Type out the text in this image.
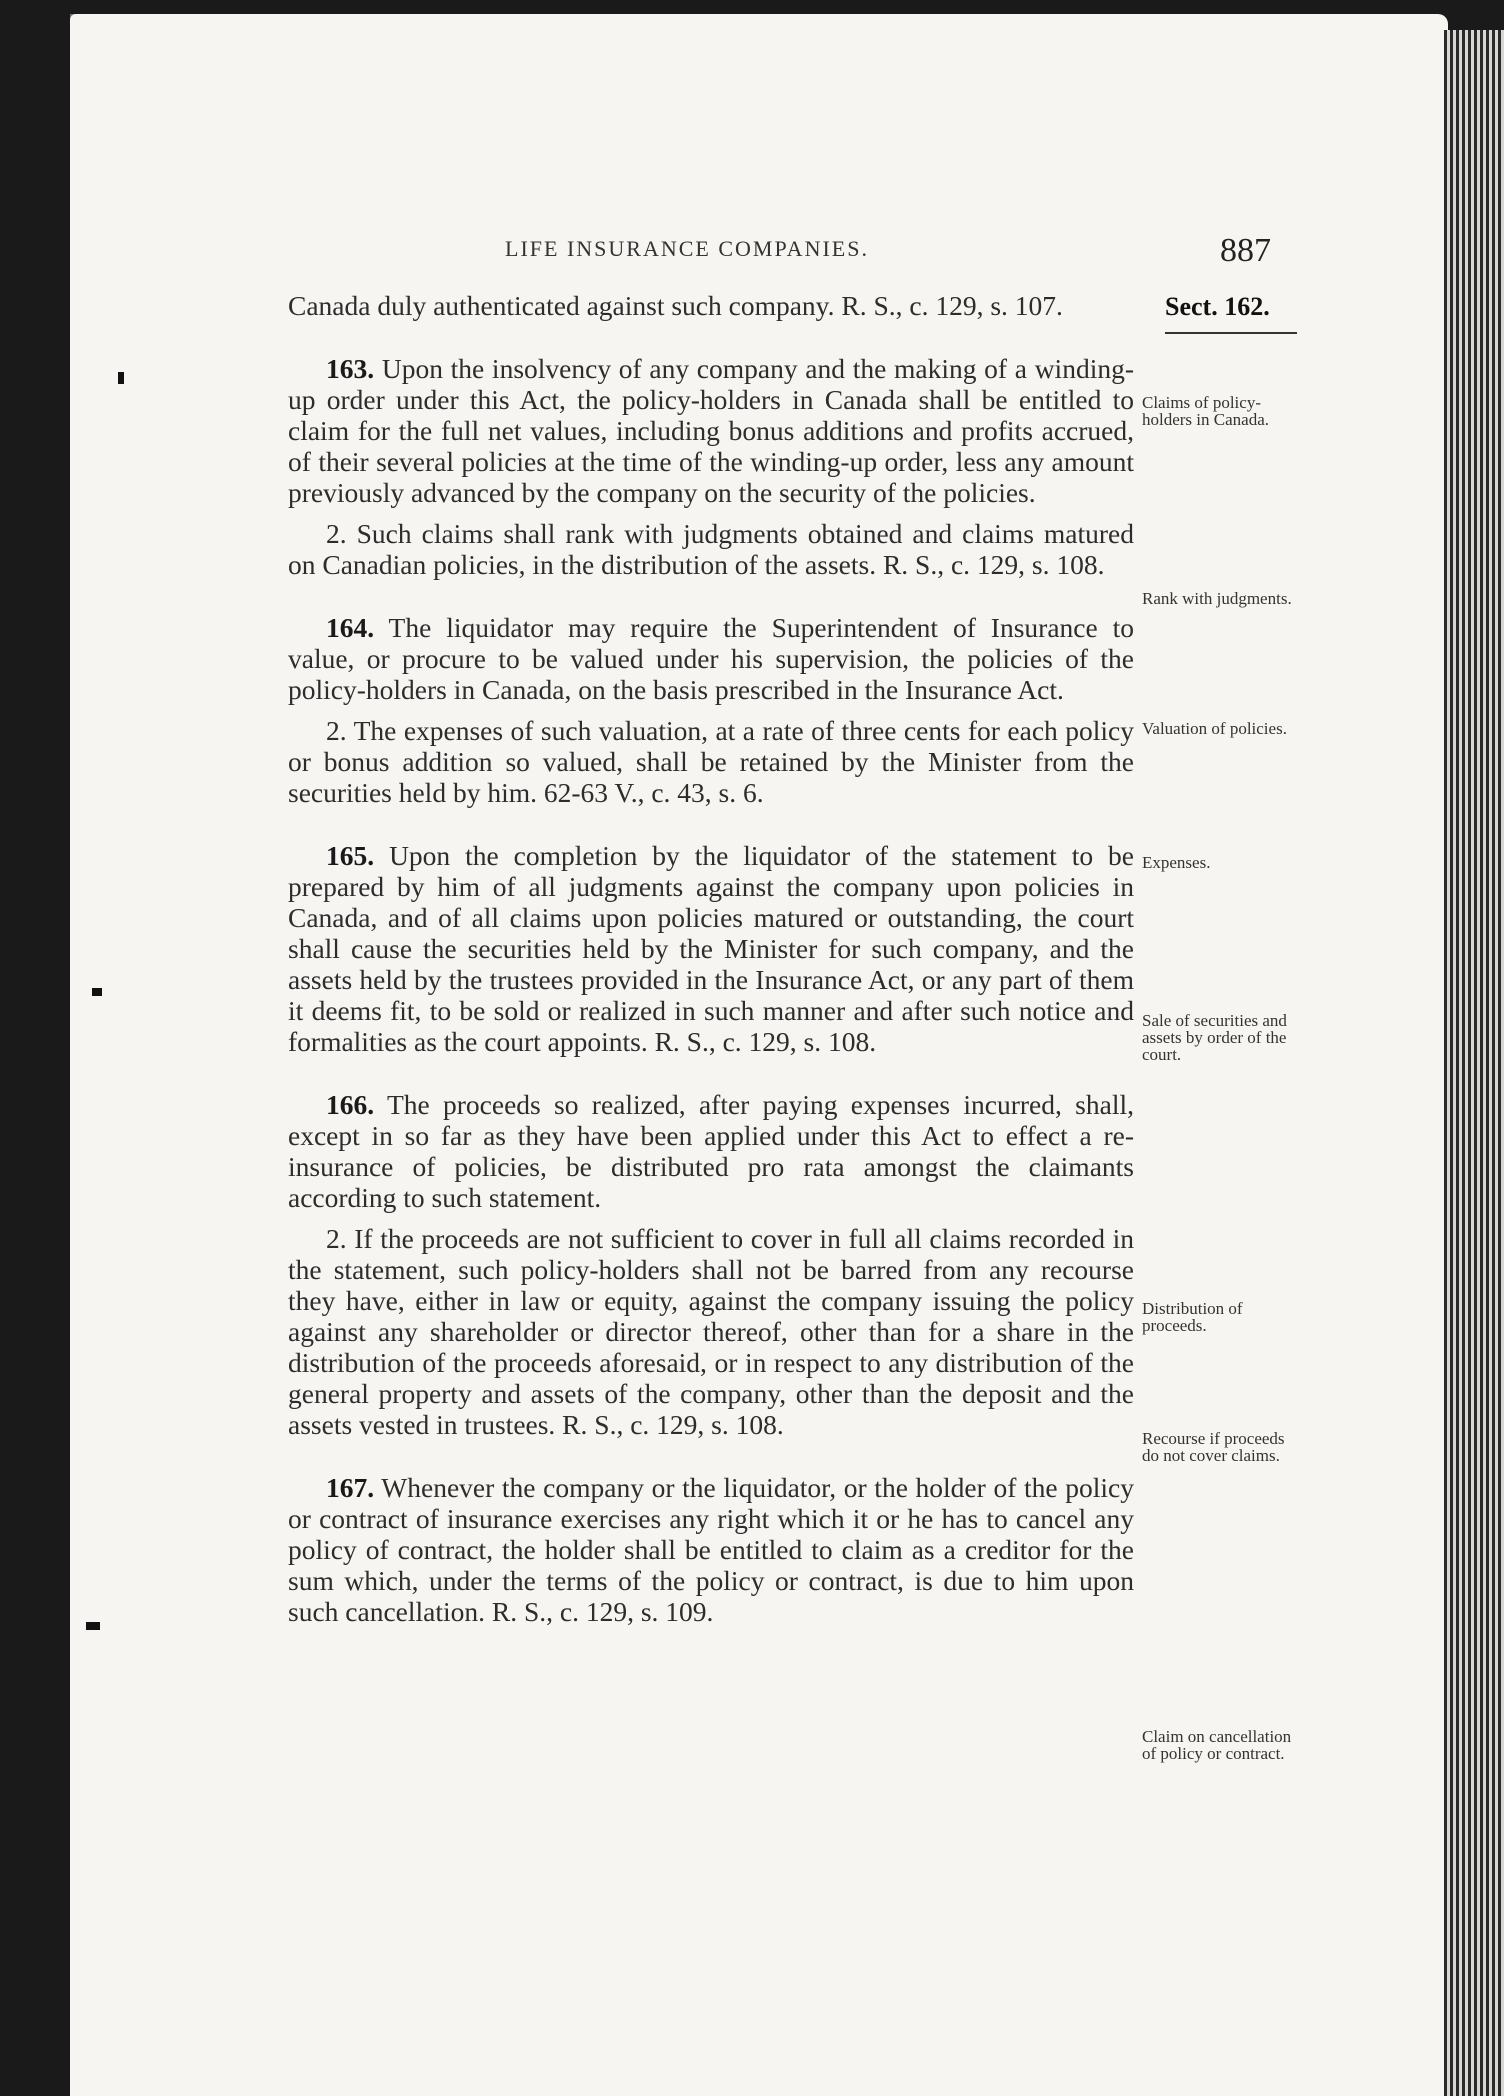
LIFE INSURANCE COMPANIES.	887
Sect. 162.

Canada duly authenticated against such company. R. S., c. 129, s. 107.

163. Upon the insolvency of any company and the making of a winding-up order under this Act, the policy-holders in Canada shall be entitled to claim for the full net values, including bonus additions and profits accrued, of their several policies at the time of the winding-up order, less any amount previously advanced by the company on the security of the policies.

2. Such claims shall rank with judgments obtained and claims matured on Canadian policies, in the distribution of the assets. R. S., c. 129, s. 108.

164. The liquidator may require the Superintendent of Insurance to value, or procure to be valued under his supervision, the policies of the policy-holders in Canada, on the basis prescribed in the Insurance Act.

2. The expenses of such valuation, at a rate of three cents for each policy or bonus addition so valued, shall be retained by the Minister from the securities held by him. 62-63 V., c. 43, s. 6.

165. Upon the completion by the liquidator of the statement to be prepared by him of all judgments against the company upon policies in Canada, and of all claims upon policies matured or outstanding, the court shall cause the securities held by the Minister for such company, and the assets held by the trustees provided in the Insurance Act, or any part of them it deems fit, to be sold or realized in such manner and after such notice and formalities as the court appoints. R. S., c. 129, s. 108.

166. The proceeds so realized, after paying expenses incurred, shall, except in so far as they have been applied under this Act to effect a re-insurance of policies, be distributed pro rata amongst the claimants according to such statement.

2. If the proceeds are not sufficient to cover in full all claims recorded in the statement, such policy-holders shall not be barred from any recourse they have, either in law or equity, against the company issuing the policy against any shareholder or director thereof, other than for a share in the distribution of the proceeds aforesaid, or in respect to any distribution of the general property and assets of the company, other than the deposit and the assets vested in trustees. R. S., c. 129, s. 108.

167. Whenever the company or the liquidator, or the holder of the policy or contract of insurance exercises any right which it or he has to cancel any policy of contract, the holder shall be entitled to claim as a creditor for the sum which, under the terms of the policy or contract, is due to him upon such cancellation. R. S., c. 129, s. 109.

Claims of policy-holders in Canada.
Rank with judgments.
Valuation of policies.
Expenses.
Sale of securities and assets by order of the court.
Distribution of proceeds.
Recourse if proceeds do not cover claims.
Claim on cancellation of policy or contract.
